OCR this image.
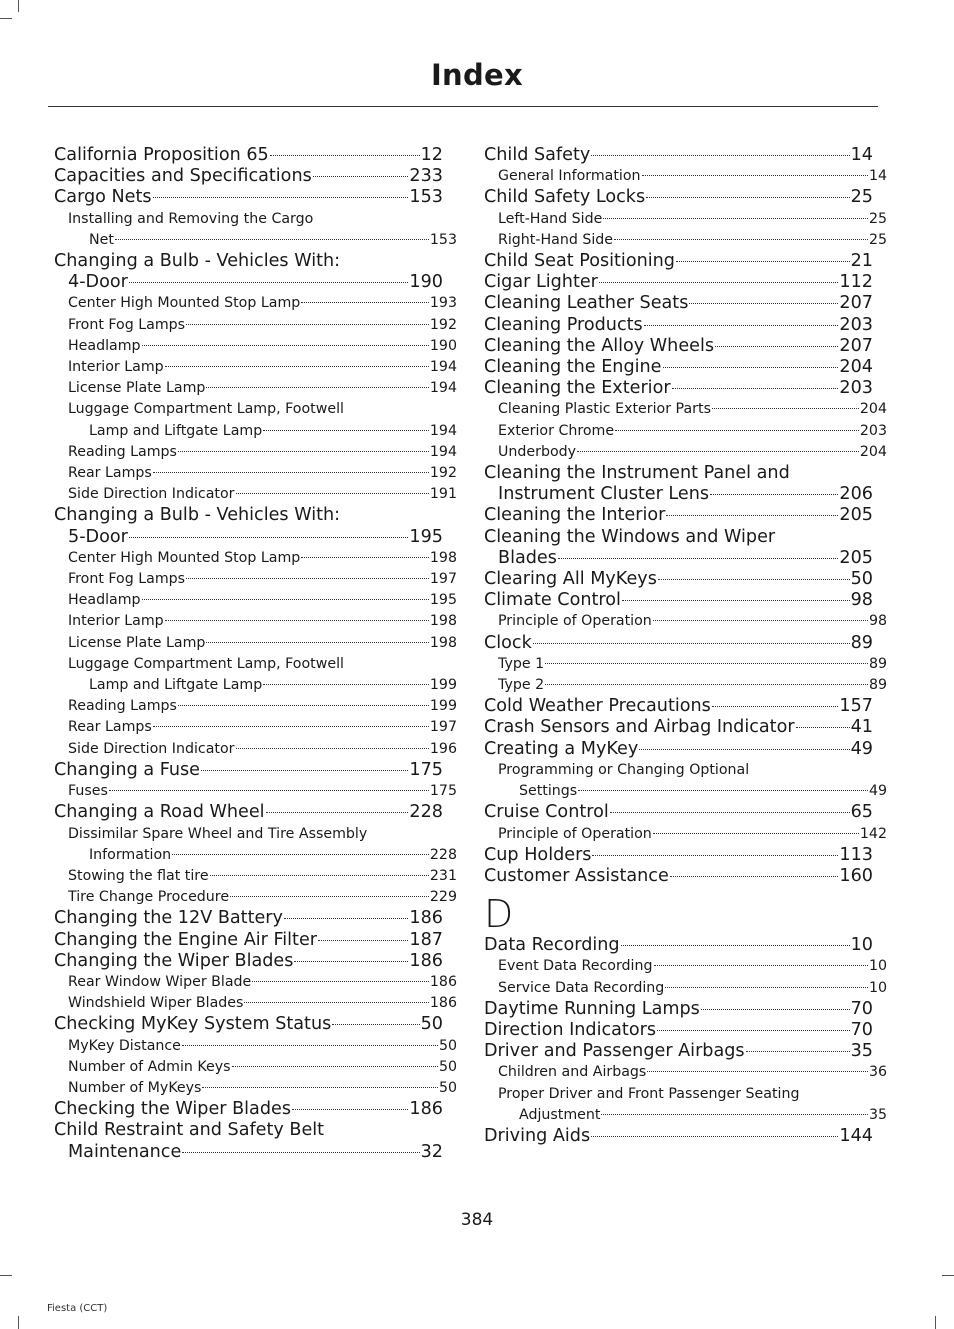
Index
California Proposition 65	12
Capacities and Specifications	233
Cargo Nets	153
Installing and Removing the Cargo
Net	153
Changing a Bulb - Vehicles With:
4-Door	190
Center High Mounted Stop Lamp	193
Front Fog Lamps	192
Headlamp	190
Interior Lamp	194
License Plate Lamp	194
Luggage Compartment Lamp, Footwell
Lamp and Liftgate Lamp	194
Reading Lamps	194
Rear Lamps	192
Side Direction Indicator	191
Changing a Bulb - Vehicles With:
5-Door	195
Center High Mounted Stop Lamp	198
Front Fog Lamps	197
Headlamp	195
Interior Lamp	198
License Plate Lamp	198
Luggage Compartment Lamp, Footwell
Lamp and Liftgate Lamp	199
Reading Lamps	199
Rear Lamps	197
Side Direction Indicator	196
Changing a Fuse	175
Fuses	175
Changing a Road Wheel	228
Dissimilar Spare Wheel and Tire Assembly
Information	228
Stowing the flat tire	231
Tire Change Procedure	229
Changing the 12V Battery	186
Changing the Engine Air Filter	187
Changing the Wiper Blades	186
Rear Window Wiper Blade	186
Windshield Wiper Blades	186
Checking MyKey System Status	50
MyKey Distance	50
Number of Admin Keys	50
Number of MyKeys	50
Checking the Wiper Blades	186
Child Restraint and Safety Belt
Maintenance	32
Child Safety	14
General Information	14
Child Safety Locks	25
Left-Hand Side	25
Right-Hand Side	25
Child Seat Positioning	21
Cigar Lighter	112
Cleaning Leather Seats	207
Cleaning Products	203
Cleaning the Alloy Wheels	207
Cleaning the Engine	204
Cleaning the Exterior	203
Cleaning Plastic Exterior Parts	204
Exterior Chrome	203
Underbody	204
Cleaning the Instrument Panel and
Instrument Cluster Lens	206
Cleaning the Interior	205
Cleaning the Windows and Wiper
Blades	205
Clearing All MyKeys	50
Climate Control	98
Principle of Operation	98
Clock	89
Type 1	89
Type 2	89
Cold Weather Precautions	157
Crash Sensors and Airbag Indicator	41
Creating a MyKey	49
Programming or Changing Optional
Settings	49
Cruise Control	65
Principle of Operation	142
Cup Holders	113
Customer Assistance	160
D
Data Recording	10
Event Data Recording	10
Service Data Recording	10
Daytime Running Lamps	70
Direction Indicators	70
Driver and Passenger Airbags	35
Children and Airbags	36
Proper Driver and Front Passenger Seating
Adjustment	35
Driving Aids	144
384
Fiesta (CCT)
